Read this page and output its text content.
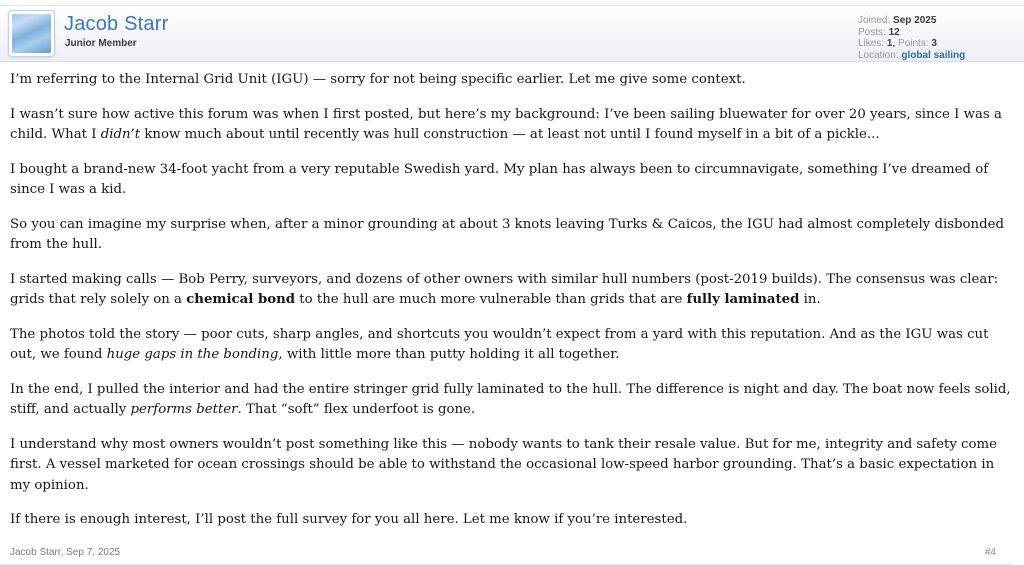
Jacob Starr
Junior Member
Joined: Sep 2025
Posts: 12
Likes: 1, Points: 3
Location: global sailing

I’m referring to the Internal Grid Unit (IGU) — sorry for not being specific earlier. Let me give some context.

I wasn’t sure how active this forum was when I first posted, but here’s my background: I’ve been sailing bluewater for over 20 years, since I was a child. What I didn’t know much about until recently was hull construction — at least not until I found myself in a bit of a pickle...

I bought a brand-new 34-foot yacht from a very reputable Swedish yard. My plan has always been to circumnavigate, something I’ve dreamed of since I was a kid.

So you can imagine my surprise when, after a minor grounding at about 3 knots leaving Turks & Caicos, the IGU had almost completely disbonded from the hull.

I started making calls — Bob Perry, surveyors, and dozens of other owners with similar hull numbers (post-2019 builds). The consensus was clear: grids that rely solely on a chemical bond to the hull are much more vulnerable than grids that are fully laminated in.

The photos told the story — poor cuts, sharp angles, and shortcuts you wouldn’t expect from a yard with this reputation. And as the IGU was cut out, we found huge gaps in the bonding, with little more than putty holding it all together.

In the end, I pulled the interior and had the entire stringer grid fully laminated to the hull. The difference is night and day. The boat now feels solid, stiff, and actually performs better. That “soft” flex underfoot is gone.

I understand why most owners wouldn’t post something like this — nobody wants to tank their resale value. But for me, integrity and safety come first. A vessel marketed for ocean crossings should be able to withstand the occasional low-speed harbor grounding. That’s a basic expectation in my opinion.

If there is enough interest, I’ll post the full survey for you all here. Let me know if you’re interested.

Jacob Starr, Sep 7, 2025	#4
